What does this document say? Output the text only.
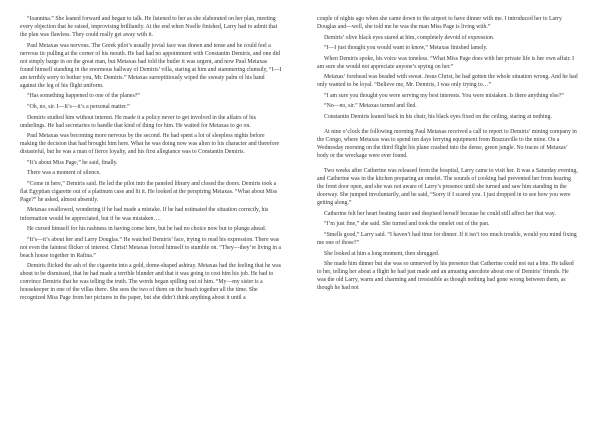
“Ioannina.” She leaned forward and began to talk. He listened to her as she elaborated on her plan, meeting every objection that he raised, improvising brilliantly. At the end when Noelle finished, Larry had to admit that the plan was flawless. They could really get away with it.

Paul Metaxas was nervous. The Greek pilot’s usually jovial face was drawn and tense and he could feel a nervous tic pulling at the corner of his mouth. He had had no appointment with Constantin Demiris, and one did not simply barge in on the great man, but Metaxas had told the butler it was urgent, and now Paul Metaxas found himself standing in the enormous hallway of Demiris’ villa, staring at him and stammering clumsily, “I—I am terribly sorry to bother you, Mr. Demiris.” Metaxas surreptitiously wiped the sweaty palm of his hand against the leg of his flight uniform.

“Has something happened to one of the planes?”

“Oh, no, sir. I—It’s—it’s a personal matter.”

Demiris studied him without interest. He made it a policy never to get involved in the affairs of his underlings. He had secretaries to handle that kind of thing for him. He waited for Metaxas to go on.

Paul Metaxas was becoming more nervous by the second. He had spent a lot of sleepless nights before making the decision that had brought him here. What he was doing now was alien to his character and therefore distasteful, but he was a man of fierce loyalty, and his first allegiance was to Constantin Demiris.

“It’s about Miss Page,” he said, finally.

There was a moment of silence.

“Come in here,” Demiris said. He led the pilot into the paneled library and closed the doors. Demiris took a flat Egyptian cigarette out of a platinum case and lit it. He looked at the perspiring Metaxas. “What about Miss Page?” he asked, almost absently.

Metaxas swallowed, wondering if he had made a mistake. If he had estimated the situation correctly, his information would be appreciated, but if he was mistaken….

He cursed himself for his rashness in having come here, but he had no choice now but to plunge ahead.

“It’s—it’s about her and Larry Douglas.” He watched Demiris’ face, trying to read his expression. There was not even the faintest flicker of interest. Christ! Metaxas forced himself to stumble on. “They—they’re living in a beach house together in Rafina.”

Demiris flicked the ash of the cigarette into a gold, dome-shaped ashtray. Metaxas had the feeling that he was about to be dismissed, that he had made a terrible blunder and that it was going to cost him his job. He had to convince Demiris that he was telling the truth. The words began spilling out of him. “My—my sister is a housekeeper in one of the villas there. She sees the two of them on the beach together all the time. She recognized Miss Page from her pictures in the paper, but she didn’t think anything about it until a

couple of nights ago when she came down to the airport to have dinner with me. I introduced her to Larry Douglas and—well, she told me he was the man Miss Page is living with.”

Demiris’ olive black eyes stared at him, completely devoid of expression.

“I—I just thought you would want to know,” Metaxas finished lamely.

When Demiris spoke, his voice was toneless. “What Miss Page does with her private life is her own affair. I am sure she would not appreciate anyone’s spying on her.”

Metaxas’ forehead was beaded with sweat. Jesus Christ, he had gotten the whole situation wrong. And he had only wanted to be loyal. “Believe me, Mr. Demiris, I was only trying to…”

“I am sure you thought you were serving my best interests. You were mistaken. Is there anything else?”

“No—no, sir.” Metaxas turned and fled.

Constantin Demiris leaned back in his chair, his black eyes fixed on the ceiling, staring at nothing.

At nine o’clock the following morning Paul Metaxas received a call to report to Demiris’ mining company in the Congo, where Metaxas was to spend ten days ferrying equipment from Brazzaville to the mine. On a Wednesday morning on the third flight his plane crashed into the dense, green jungle. No traces of Metaxas’ body or the wreckage were ever found.

Two weeks after Catherine was released from the hospital, Larry came to visit her. It was a Saturday evening, and Catherine was in the kitchen preparing an omelet. The sounds of cooking had prevented her from hearing the front door open, and she was not aware of Larry’s presence until she turned and saw him standing in the doorway. She jumped involuntarily, and he said, “Sorry if I scared you. I just dropped in to see how you were getting along.”

Catherine felt her heart beating faster and despised herself because he could still affect her that way.

“I’m just fine,” she said. She turned and took the omelet out of the pan.

“Smells good,” Larry said. “I haven’t had time for dinner. If it isn’t too much trouble, would you mind fixing me one of those?”

She looked at him a long moment, then shrugged.

She made him dinner but she was so unnerved by his presence that Catherine could not eat a bite. He talked to her, telling her about a flight he had just made and an amusing anecdote about one of Demiris’ friends. He was the old Larry, warm and charming and irresistible as though nothing had gone wrong between them, as though he had not
